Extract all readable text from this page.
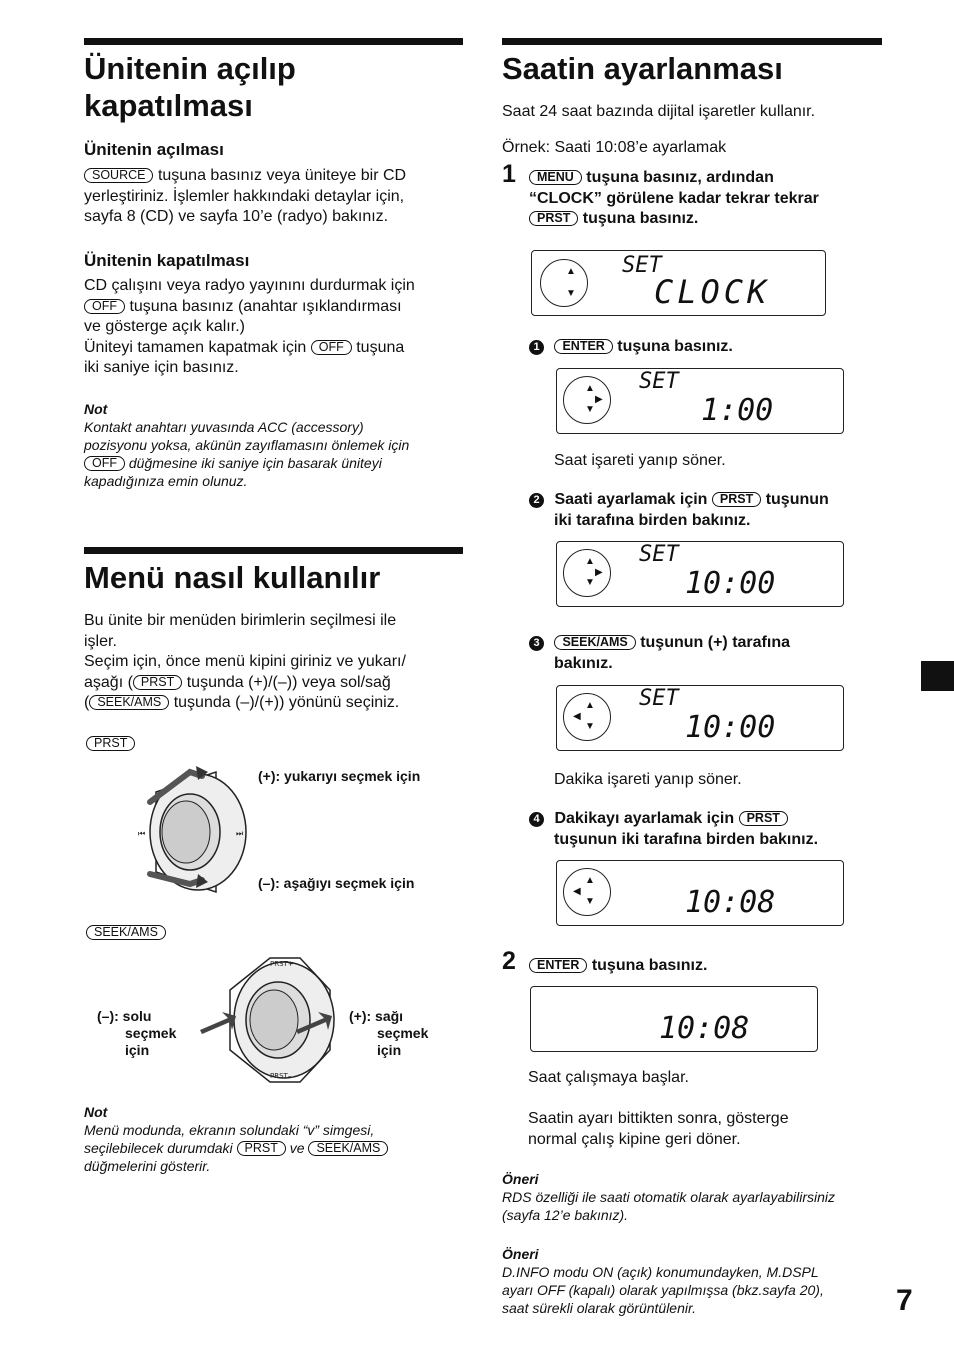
Ünitenin açılıp
kapatılması
Ünitenin açılması
SOURCE tuşuna basınız veya üniteye bir CD
yerleştiriniz. İşlemler hakkındaki detaylar için,
sayfa 8 (CD) ve sayfa 10’e (radyo) bakınız.
Ünitenin kapatılması
CD çalışını veya radyo yayınını durdurmak için
OFF tuşuna basınız (anahtar ışıklandırması
ve gösterge açık kalır.)
Üniteyi tamamen kapatmak için OFF tuşuna
iki saniye için basınız.
Not
Kontakt anahtarı yuvasında ACC (accessory)
pozisyonu yoksa, akünün zayıflamasını önlemek için
OFF düğmesine iki saniye için basarak üniteyi
kapadığınıza emin olunuz.
Menü nasıl kullanılır
Bu ünite bir menüden birimlerin seçilmesi ile
işler.
Seçim için, önce menü kipini giriniz ve yukarı/
aşağı ( PRST tuşunda (+)/(–)) veya sol/sağ
( SEEK/AMS tuşunda (–)/(+)) yönünü seçiniz.
PRST
⏮	⏭
(+): yukarıyı seçmek için
(–): aşağıyı seçmek için
SEEK/AMS
PRST+
PRST–
(–): solu
seçmek
için
(+): sağı
seçmek
için
Not
Menü modunda, ekranın solundaki “v” simgesi,
seçilebilecek durumdaki PRST ve SEEK/AMS
düğmelerini gösterir.
Saatin ayarlanması
Saat 24 saat bazında dijital işaretler kullanır.
Örnek: Saati 10:08’e ayarlamak
1	MENU tuşuna basınız, ardından
“CLOCK” görülene kadar tekrar tekrar
PRST tuşuna basınız.
▲
▼
SET
CLOCK
1 ENTER tuşuna basınız.
▲
▼
▶
SET
1:00
Saat işareti yanıp söner.
2 Saati ayarlamak için PRST tuşunun
iki tarafına birden bakınız.
▲
▼
▶
SET
10:00
3 SEEK/AMS tuşunun (+) tarafına
bakınız.
▲
▼
◀
SET
10:00
Dakika işareti yanıp söner.
4 Dakikayı ayarlamak için PRST
tuşunun iki tarafına birden bakınız.
▲
▼
◀	10:08
2	ENTER tuşuna basınız.
10:08
Saat çalışmaya başlar.

Saatin ayarı bittikten sonra, gösterge
normal çalış kipine geri döner.
Öneri
RDS özelliği ile saati otomatik olarak ayarlayabilirsiniz
(sayfa 12’e bakınız).
Öneri
D.INFO modu ON (açık) konumundayken, M.DSPL
ayarı OFF (kapalı) olarak yapılmışsa (bkz.sayfa 20),
saat sürekli olarak görüntülenir.	7
